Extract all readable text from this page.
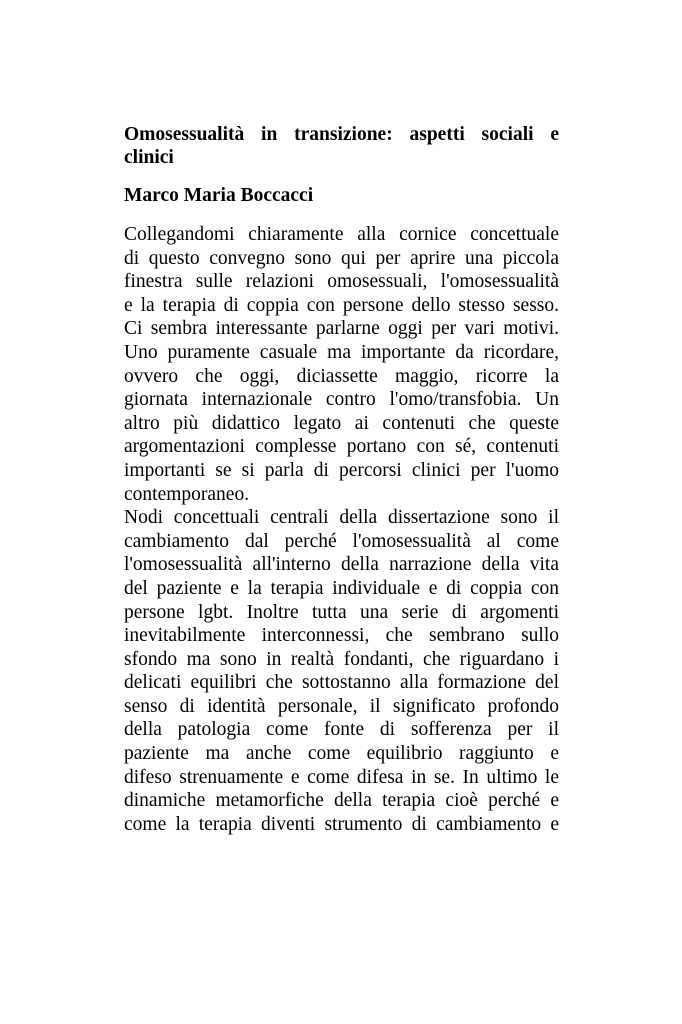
Omosessualità in transizione: aspetti sociali e
clinici
Marco Maria Boccacci
Collegandomi chiaramente alla cornice concettuale
di questo convegno sono qui per aprire una piccola
finestra sulle relazioni omosessuali, l'omosessualità
e la terapia di coppia con persone dello stesso sesso.
Ci sembra interessante parlarne oggi per vari motivi.
Uno puramente casuale ma importante da ricordare,
ovvero che oggi, diciassette maggio, ricorre la
giornata internazionale contro l'omo/transfobia. Un
altro più didattico legato ai contenuti che queste
argomentazioni complesse portano con sé, contenuti
importanti se si parla di percorsi clinici per l'uomo
contemporaneo.
Nodi concettuali centrali della dissertazione sono il
cambiamento dal perché l'omosessualità al come
l'omosessualità all'interno della narrazione della vita
del paziente e la terapia individuale e di coppia con
persone lgbt. Inoltre tutta una serie di argomenti
inevitabilmente interconnessi, che sembrano sullo
sfondo ma sono in realtà fondanti, che riguardano i
delicati equilibri che sottostanno alla formazione del
senso di identità personale, il significato profondo
della patologia come fonte di sofferenza per il
paziente ma anche come equilibrio raggiunto e
difeso strenuamente e come difesa in se. In ultimo le
dinamiche metamorfiche della terapia cioè perché e
come la terapia diventi strumento di cambiamento e
